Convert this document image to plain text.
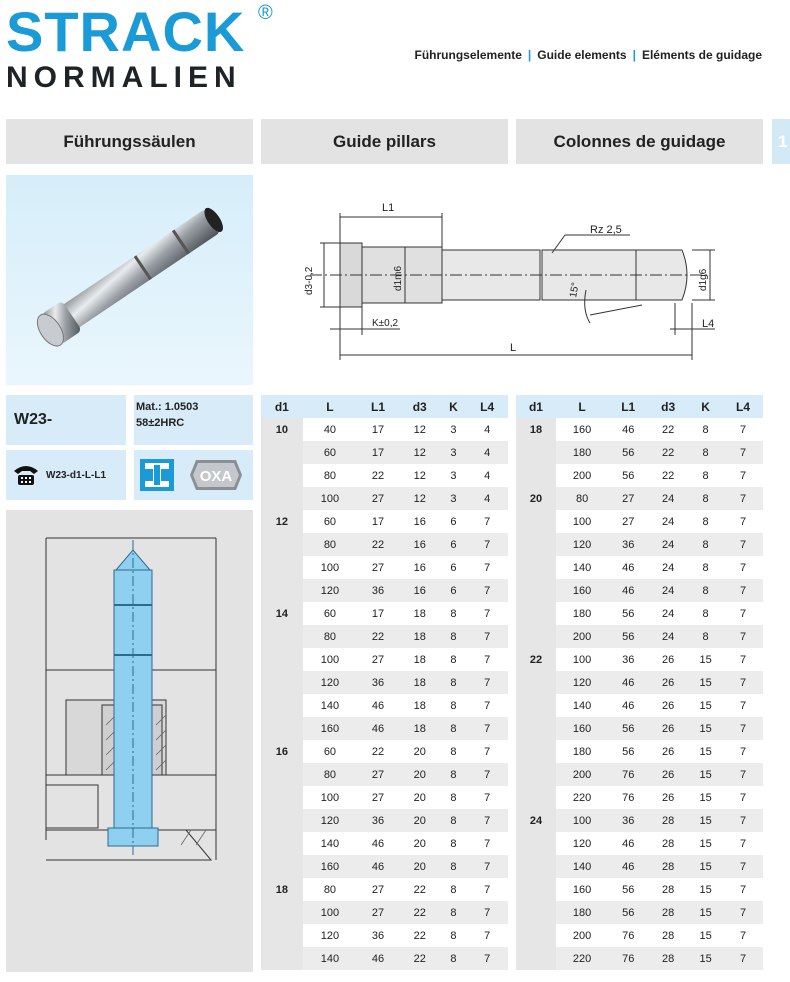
STRACK ®
NORMALIEN
Führungselemente | Guide elements | Eléments de guidage
Führungssäulen	Guide pillars	Colonnes de guidage	1
L1
L
L4
K±0,2
d3-0,2	d1m6	d1g6
Rz 2,5
15°
W23-
Mat.: 1.0503
58±2HRC
W23-d1-L-L1	OXA
d1	L	L1	d3	K	L4
10	40	17	12	3	4
	60	17	12	3	4
	80	22	12	3	4
	100	27	12	3	4
12	60	17	16	6	7
	80	22	16	6	7
	100	27	16	6	7
	120	36	16	6	7
14	60	17	18	8	7
	80	22	18	8	7
	100	27	18	8	7
	120	36	18	8	7
	140	46	18	8	7
	160	46	18	8	7
16	60	22	20	8	7
	80	27	20	8	7
	100	27	20	8	7
	120	36	20	8	7
	140	46	20	8	7
	160	46	20	8	7
18	80	27	22	8	7
	100	27	22	8	7
	120	36	22	8	7
	140	46	22	8	7
d1	L	L1	d3	K	L4
18	160	46	22	8	7
	180	56	22	8	7
	200	56	22	8	7
20	80	27	24	8	7
	100	27	24	8	7
	120	36	24	8	7
	140	46	24	8	7
	160	46	24	8	7
	180	56	24	8	7
	200	56	24	8	7
22	100	36	26	15	7
	120	46	26	15	7
	140	46	26	15	7
	160	56	26	15	7
	180	56	26	15	7
	200	76	26	15	7
	220	76	26	15	7
24	100	36	28	15	7
	120	46	28	15	7
	140	46	28	15	7
	160	56	28	15	7
	180	56	28	15	7
	200	76	28	15	7
	220	76	28	15	7
